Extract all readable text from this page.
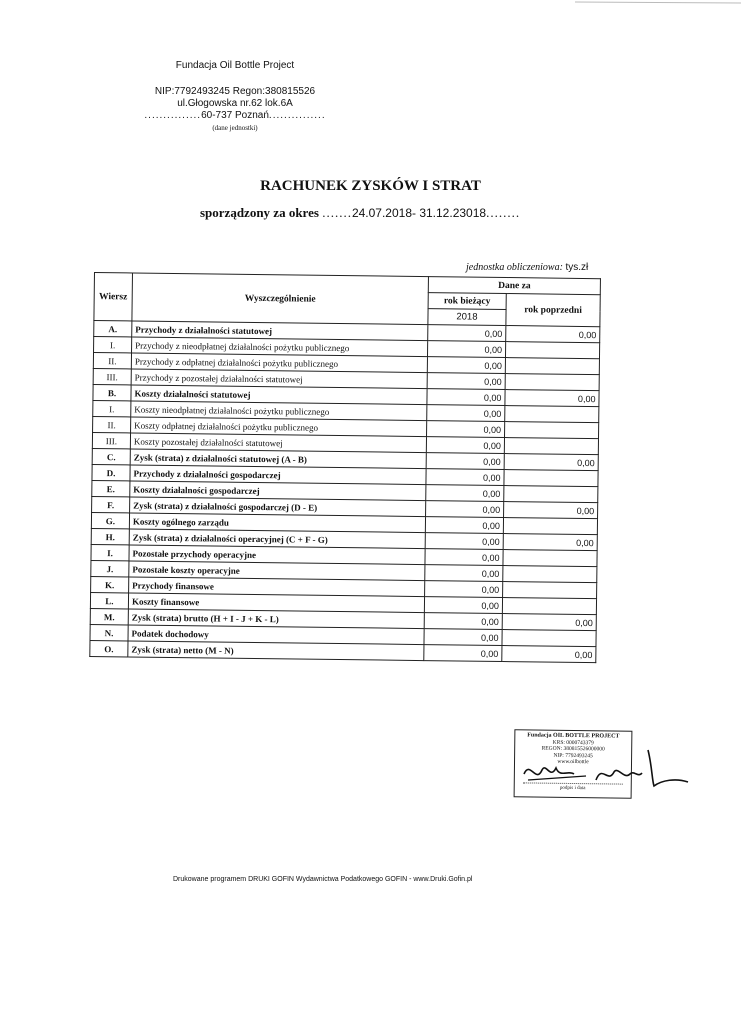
Fundacja Oil Bottle Project
NIP:7792493245 Regon:380815526
ul.Głogowska nr.62 lok.6A
...............60-737 Poznań...............
(dane jednostki)
RACHUNEK ZYSKÓW I STRAT
sporządzony za okres .......24.07.2018- 31.12.23018........
jednostka obliczeniowa: tys.zł
Wiersz	Wyszczególnienie	Dane za	
		rok bieżący	rok poprzedni
		2018	
A.	Przychody z działalności statutowej	0,00	0,00
I.	Przychody z nieodpłatnej działalności pożytku publicznego	0,00	
II.	Przychody z odpłatnej działalności pożytku publicznego	0,00	
III.	Przychody z pozostałej działalności statutowej	0,00	
B.	Koszty działalności statutowej	0,00	0,00
I.	Koszty nieodpłatnej działalności pożytku publicznego	0,00	
II.	Koszty odpłatnej działalności pożytku publicznego	0,00	
III.	Koszty pozostałej działalności statutowej	0,00	
C.	Zysk (strata) z działalności statutowej (A - B)	0,00	0,00
D.	Przychody z działalności gospodarczej	0,00	
E.	Koszty działalności gospodarczej	0,00	
F.	Zysk (strata) z działalności gospodarczej (D - E)	0,00	0,00
G.	Koszty ogólnego zarządu	0,00	
H.	Zysk (strata) z działalności operacyjnej (C + F - G)	0,00	0,00
I.	Pozostałe przychody operacyjne	0,00	
J.	Pozostałe koszty operacyjne	0,00	
K.	Przychody finansowe	0,00	
L.	Koszty finansowe	0,00	
M.	Zysk (strata) brutto (H + I - J + K - L)	0,00	0,00
N.	Podatek dochodowy	0,00	
O.	Zysk (strata) netto (M - N)	0,00	0,00
Fundacja OIL BOTTLE PROJECT
KRS: 0000743379
REGON: 380815526000000
NIP: 7792493245
www.oilbottle
podpis i data
Drukowane programem DRUKI GOFIN Wydawnictwa Podatkowego GOFIN - www.Druki.Gofin.pl
